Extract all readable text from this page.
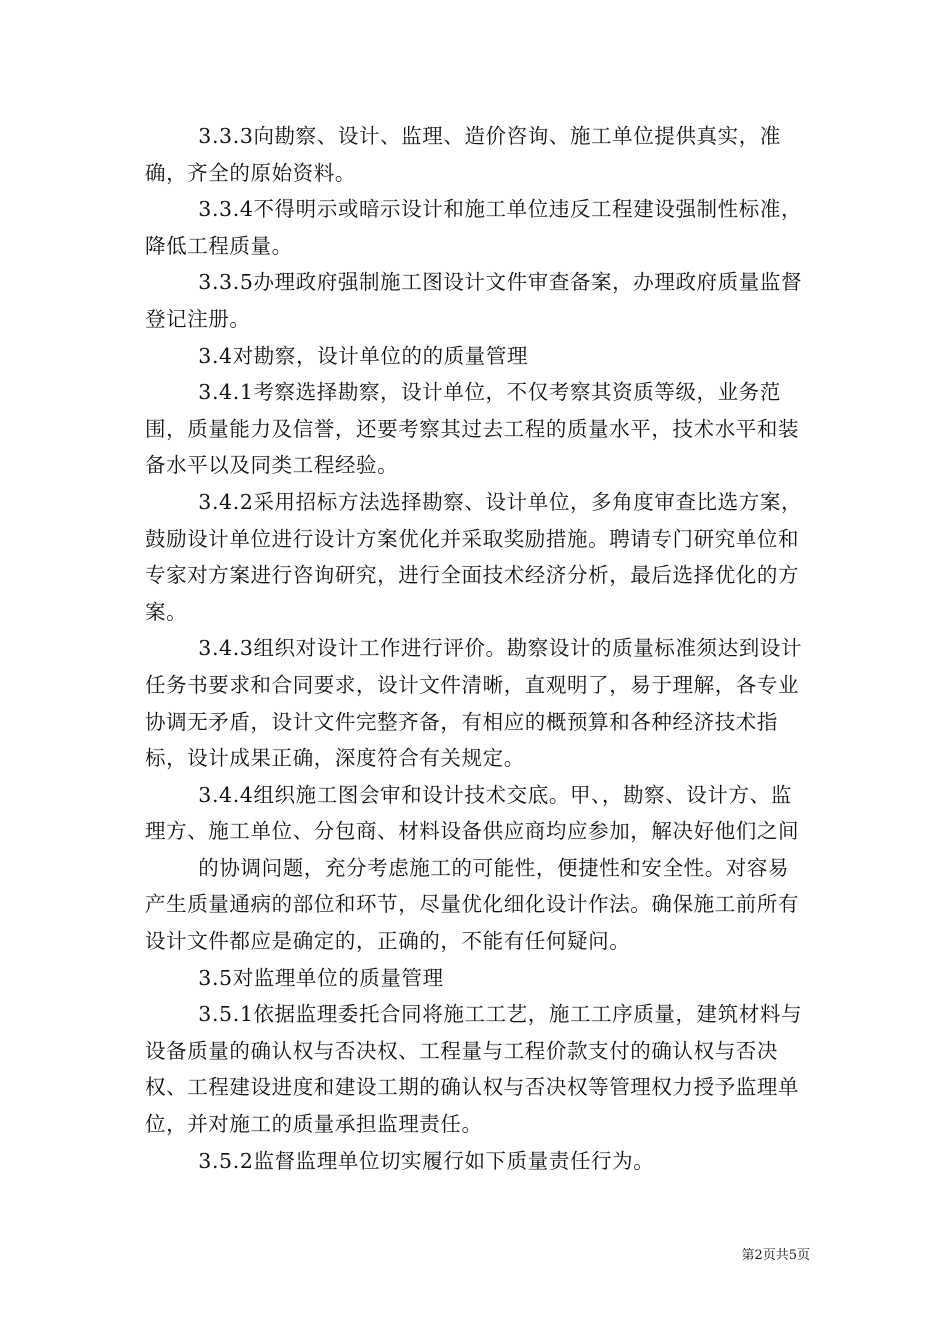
3.3.3向勘察、设计、监理、造价咨询、施工单位提供真实，准确，齐全的原始资料。

3.3.4不得明示或暗示设计和施工单位违反工程建设强制性标准，降低工程质量。

3.3.5办理政府强制施工图设计文件审查备案，办理政府质量监督登记注册。

3.4对勘察，设计单位的的质量管理

3.4.1考察选择勘察，设计单位，不仅考察其资质等级，业务范围，质量能力及信誉，还要考察其过去工程的质量水平，技术水平和装备水平以及同类工程经验。

3.4.2采用招标方法选择勘察、设计单位，多角度审查比选方案，鼓励设计单位进行设计方案优化并采取奖励措施。聘请专门研究单位和专家对方案进行咨询研究，进行全面技术经济分析，最后选择优化的方案。

3.4.3组织对设计工作进行评价。勘察设计的质量标准须达到设计任务书要求和合同要求，设计文件清晰，直观明了，易于理解，各专业协调无矛盾，设计文件完整齐备，有相应的概预算和各种经济技术指标，设计成果正确，深度符合有关规定。

3.4.4组织施工图会审和设计技术交底。甲、，勘察、设计方、监理方、施工单位、分包商、材料设备供应商均应参加，解决好他们之间

的协调问题，充分考虑施工的可能性，便捷性和安全性。对容易产生质量通病的部位和环节，尽量优化细化设计作法。确保施工前所有设计文件都应是确定的，正确的，不能有任何疑问。

3.5对监理单位的质量管理

3.5.1依据监理委托合同将施工工艺，施工工序质量，建筑材料与设备质量的确认权与否决权、工程量与工程价款支付的确认权与否决权、工程建设进度和建设工期的确认权与否决权等管理权力授予监理单位，并对施工的质量承担监理责任。

3.5.2监督监理单位切实履行如下质量责任行为。

第2页共5页
